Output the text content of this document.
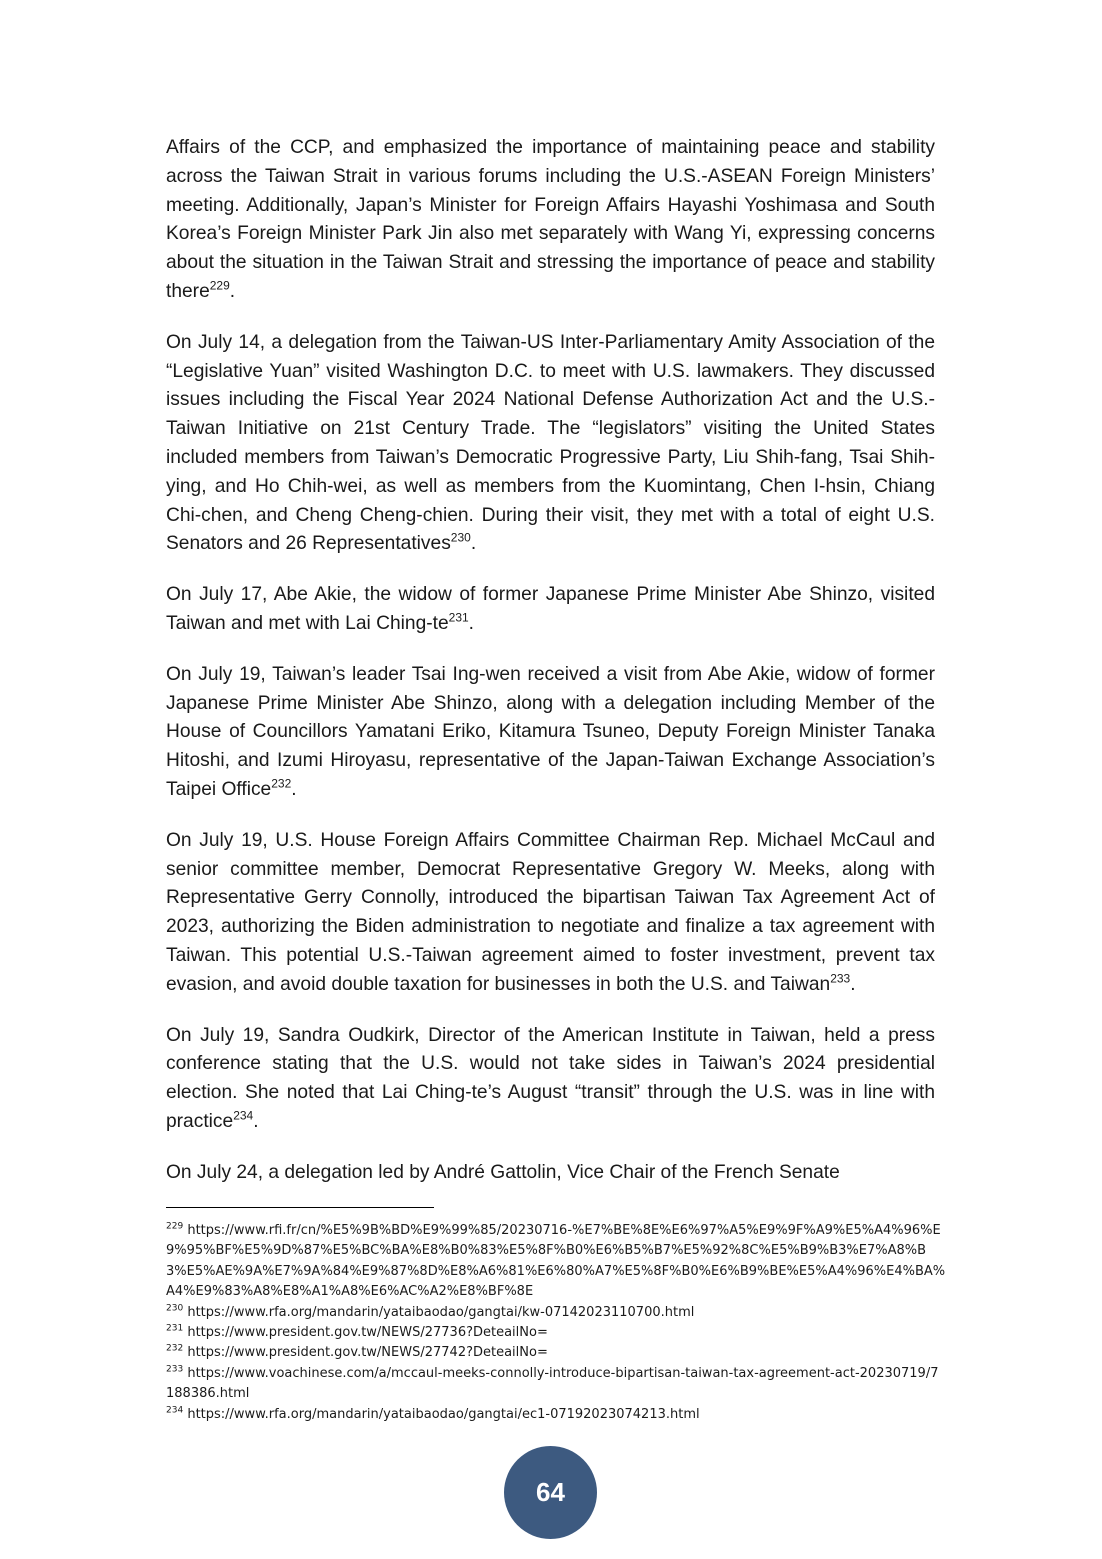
Affairs of the CCP, and emphasized the importance of maintaining peace and stability across the Taiwan Strait in various forums including the U.S.-ASEAN Foreign Ministers’ meeting. Additionally, Japan’s Minister for Foreign Affairs Hayashi Yoshimasa and South Korea’s Foreign Minister Park Jin also met separately with Wang Yi, expressing concerns about the situation in the Taiwan Strait and stressing the importance of peace and stability there$^{229}$.

On July 14, a delegation from the Taiwan-US Inter-Parliamentary Amity Association of the “Legislative Yuan” visited Washington D.C. to meet with U.S. lawmakers. They discussed issues including the Fiscal Year 2024 National Defense Authorization Act and the U.S.-Taiwan Initiative on 21st Century Trade. The “legislators” visiting the United States included members from Taiwan’s Democratic Progressive Party, Liu Shih-fang, Tsai Shih-ying, and Ho Chih-wei, as well as members from the Kuomintang, Chen I-hsin, Chiang Chi-chen, and Cheng Cheng-chien. During their visit, they met with a total of eight U.S. Senators and 26 Representatives$^{230}$.

On July 17, Abe Akie, the widow of former Japanese Prime Minister Abe Shinzo, visited Taiwan and met with Lai Ching-$te^{231}$.

On July 19, Taiwan’s leader Tsai Ing-wen received a visit from Abe Akie, widow of former Japanese Prime Minister Abe Shinzo, along with a delegation including Member of the House of Councillors Yamatani Eriko, Kitamura Tsuneo, Deputy Foreign Minister Tanaka Hitoshi, and Izumi Hiroyasu, representative of the Japan-Taiwan Exchange Association’s Taipei Office$^{232}$.

On July 19, U.S. House Foreign Affairs Committee Chairman Rep. Michael McCaul and senior committee member, Democrat Representative Gregory W. Meeks, along with Representative Gerry Connolly, introduced the bipartisan Taiwan Tax Agreement Act of 2023, authorizing the Biden administration to negotiate and finalize a tax agreement with Taiwan. This potential U.S.-Taiwan agreement aimed to foster investment, prevent tax evasion, and avoid double taxation for businesses in both the U.S. and Taiwan$^{233}$.

On July 19, Sandra Oudkirk, Director of the American Institute in Taiwan, held a press conference stating that the U.S. would not take sides in Taiwan’s 2024 presidential election. She noted that Lai Ching-te’s August “transit” through the U.S. was in line with practice$^{234}$.

On July 24, a delegation led by André Gattolin, Vice Chair of the French Senate

$^{229}$ https://www.rfi.fr/cn/%E5%9B%BD%E9%99%85/20230716-%E7%BE%8E%E6%97%A5%E9%9F%A9%E5%A4%96%E9%95%BF%E5%9D%87%E5%BC%BA%E8%B0%83%E5%8F%B0%E6%B5%B7%E5%92%8C%E5%B9%B3%E7%A8%B3%E5%AE%9A%E7%9A%84%E9%87%8D%E8%A6%81%E6%80%A7%E5%8F%B0%E6%B9%BE%E5%A4%96%E4%BA%A4%E9%83%A8%E8%A1%A8%E6%AC%A2%E8%BF%8E

$^{230}$ https://www.rfa.org/mandarin/yataibaodao/gangtai/kw-07142023110700.html

$^{231}$ https://www.president.gov.tw/NEWS/27736?DeteailNo=

$^{232}$ https://www.president.gov.tw/NEWS/27742?DeteailNo=

$^{233}$ https://www.voachinese.com/a/mccaul-meeks-connolly-introduce-bipartisan-taiwan-tax-agreement-act-20230719/7188386.html

$^{234}$ https://www.rfa.org/mandarin/yataibaodao/gangtai/ec1-07192023074213.html

64
